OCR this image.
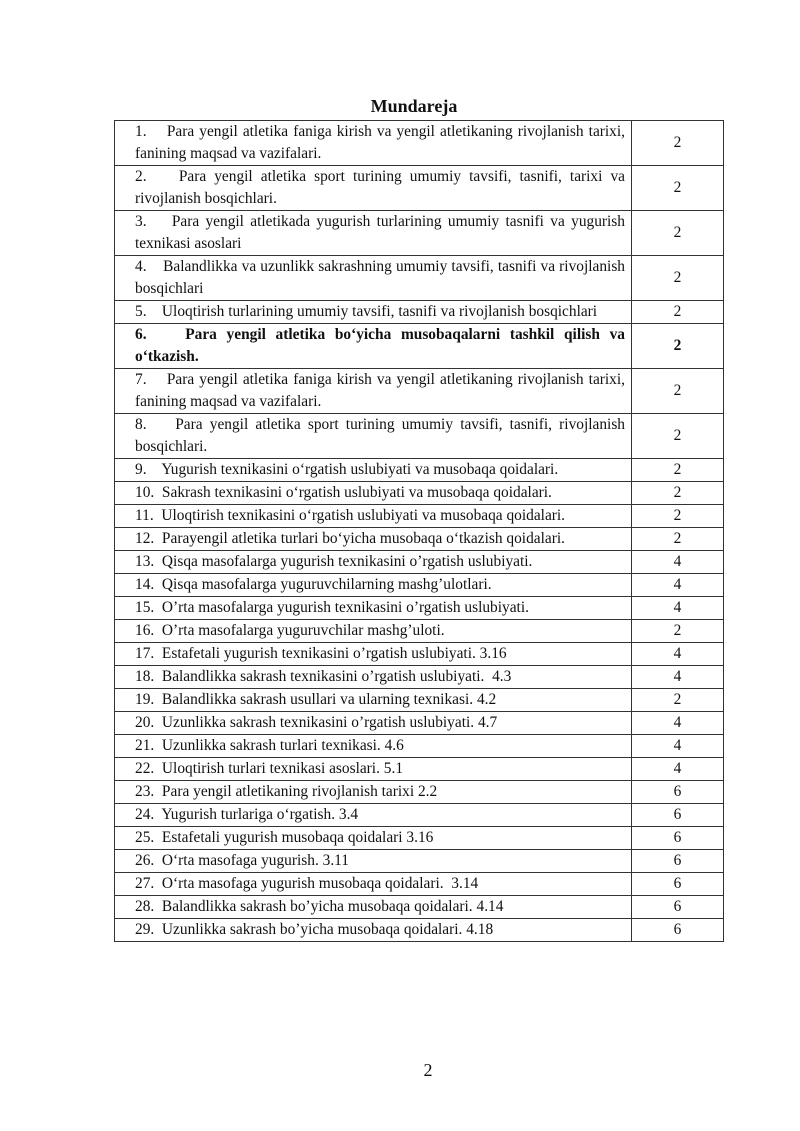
Mundareja
1.    Para yengil atletika faniga kirish va yengil atletikaning rivojlanish tarixi, fanining maqsad va vazifalari.	2
2.    Para yengil atletika sport turining umumiy tavsifi, tasnifi, tarixi va rivojlanish bosqichlari.	2
3.    Para yengil atletikada yugurish turlarining umumiy tasnifi va yugurish texnikasi asoslari	2
4.    Balandlikka va uzunlikk sakrashning umumiy tavsifi, tasnifi va rivojlanish bosqichlari	2
5.    Uloqtirish turlarining umumiy tavsifi, tasnifi va rivojlanish bosqichlari	2
6.    Para yengil atletika bo‘yicha musobaqalarni tashkil qilish va o‘tkazish.	2
7.    Para yengil atletika faniga kirish va yengil atletikaning rivojlanish tarixi, fanining maqsad va vazifalari.	2
8.    Para yengil atletika sport turining umumiy tavsifi, tasnifi, rivojlanish bosqichlari.	2
9.    Yugurish texnikasini o‘rgatish uslubiyati va musobaqa qoidalari.	2
10.  Sakrash texnikasini o‘rgatish uslubiyati va musobaqa qoidalari.	2
11.  Uloqtirish texnikasini o‘rgatish uslubiyati va musobaqa qoidalari.	2
12.  Parayengil atletika turlari bo‘yicha musobaqa o‘tkazish qoidalari.	2
13.  Qisqa masofalarga yugurish texnikasini o’rgatish uslubiyati.	4
14.  Qisqa masofalarga yuguruvchilarning mashg’ulotlari.	4
15.  O’rta masofalarga yugurish texnikasini o’rgatish uslubiyati.	4
16.  O’rta masofalarga yuguruvchilar mashg’uloti.	2
17.  Estafetali yugurish texnikasini o’rgatish uslubiyati. 3.16	4
18.  Balandlikka sakrash texnikasini o’rgatish uslubiyati.  4.3	4
19.  Balandlikka sakrash usullari va ularning texnikasi. 4.2	2
20.  Uzunlikka sakrash texnikasini o’rgatish uslubiyati. 4.7	4
21.  Uzunlikka sakrash turlari texnikasi. 4.6	4
22.  Uloqtirish turlari texnikasi asoslari. 5.1	4
23.  Para yengil atletikaning rivojlanish tarixi 2.2	6
24.  Yugurish turlariga o‘rgatish. 3.4	6
25.  Estafetali yugurish musobaqa qoidalari 3.16	6
26.  O‘rta masofaga yugurish. 3.11	6
27.  O‘rta masofaga yugurish musobaqa qoidalari.  3.14	6
28.  Balandlikka sakrash bo’yicha musobaqa qoidalari. 4.14	6
29.  Uzunlikka sakrash bo’yicha musobaqa qoidalari. 4.18	6
2
